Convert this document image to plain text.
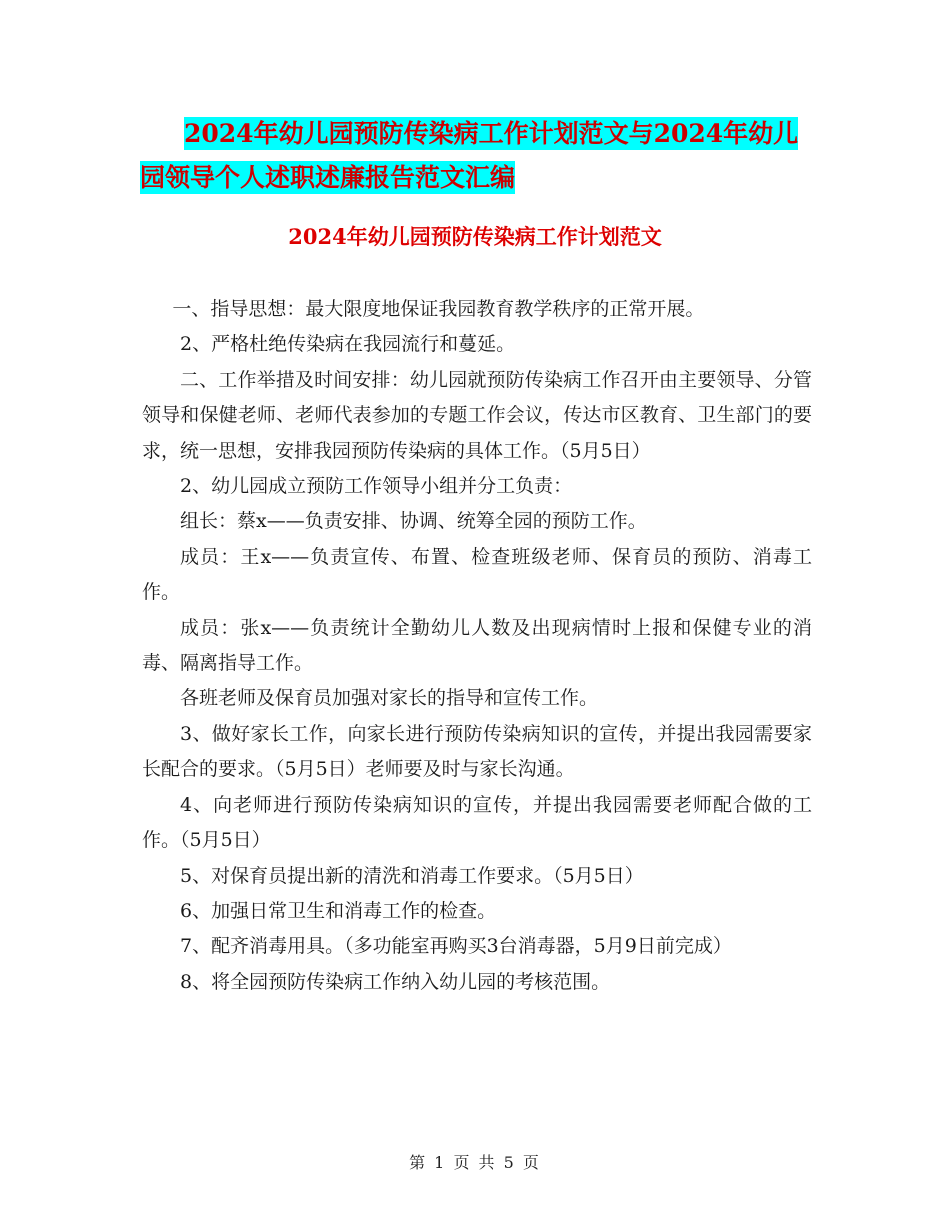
2024年幼儿园预防传染病工作计划范文与2024年幼儿
园领导个人述职述廉报告范文汇编
2024年幼儿园预防传染病工作计划范文

一、指导思想：最大限度地保证我园教育教学秩序的正常开展。

2、严格杜绝传染病在我园流行和蔓延。

二、工作举措及时间安排：幼儿园就预防传染病工作召开由主要领导、分管领导和保健老师、老师代表参加的专题工作会议，传达市区教育、卫生部门的要求，统一思想，安排我园预防传染病的具体工作。（5月5日）

2、幼儿园成立预防工作领导小组并分工负责：

组长：蔡x——负责安排、协调、统筹全园的预防工作。

成员：王x——负责宣传、布置、检查班级老师、保育员的预防、消毒工作。

成员：张x——负责统计全勤幼儿人数及出现病情时上报和保健专业的消毒、隔离指导工作。

各班老师及保育员加强对家长的指导和宣传工作。

3、做好家长工作，向家长进行预防传染病知识的宣传，并提出我园需要家长配合的要求。（5月5日）老师要及时与家长沟通。

4、向老师进行预防传染病知识的宣传，并提出我园需要老师配合做的工作。（5月5日）

5、对保育员提出新的清洗和消毒工作要求。（5月5日）

6、加强日常卫生和消毒工作的检查。

7、配齐消毒用具。（多功能室再购买3台消毒器，5月9日前完成）

8、将全园预防传染病工作纳入幼儿园的考核范围。

第 1 页 共 5 页
